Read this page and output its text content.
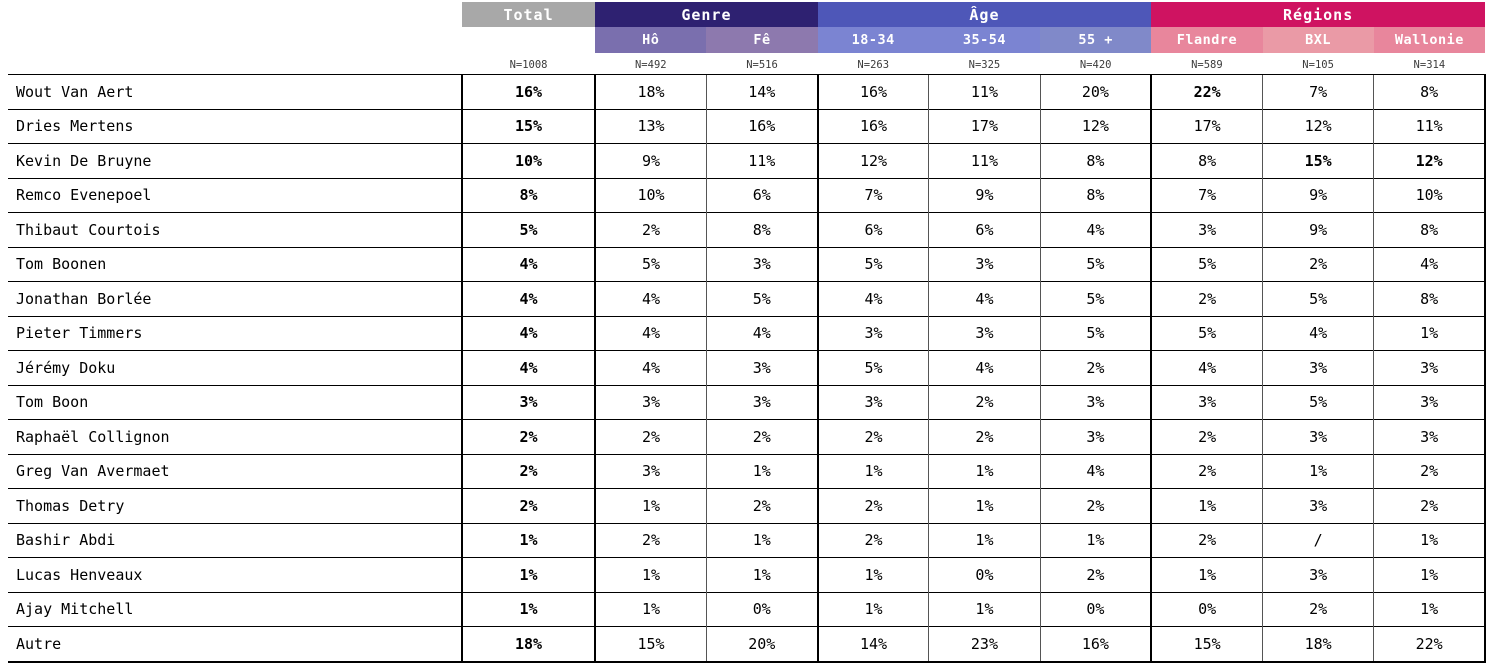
	Total	Genre		Âge			Régions		
		Hô	Fê	18-34	35-54	55 +	Flandre	BXL	Wallonie
	N=1008	N=492	N=516	N=263	N=325	N=420	N=589	N=105	N=314
Wout Van Aert	16%	18%	14%	16%	11%	20%	22%	7%	8%
Dries Mertens	15%	13%	16%	16%	17%	12%	17%	12%	11%
Kevin De Bruyne	10%	9%	11%	12%	11%	8%	8%	15%	12%
Remco Evenepoel	8%	10%	6%	7%	9%	8%	7%	9%	10%
Thibaut Courtois	5%	2%	8%	6%	6%	4%	3%	9%	8%
Tom Boonen	4%	5%	3%	5%	3%	5%	5%	2%	4%
Jonathan Borlée	4%	4%	5%	4%	4%	5%	2%	5%	8%
Pieter Timmers	4%	4%	4%	3%	3%	5%	5%	4%	1%
Jérémy Doku	4%	4%	3%	5%	4%	2%	4%	3%	3%
Tom Boon	3%	3%	3%	3%	2%	3%	3%	5%	3%
Raphaël Collignon	2%	2%	2%	2%	2%	3%	2%	3%	3%
Greg Van Avermaet	2%	3%	1%	1%	1%	4%	2%	1%	2%
Thomas Detry	2%	1%	2%	2%	1%	2%	1%	3%	2%
Bashir Abdi	1%	2%	1%	2%	1%	1%	2%	/	1%
Lucas Henveaux	1%	1%	1%	1%	0%	2%	1%	3%	1%
Ajay Mitchell	1%	1%	0%	1%	1%	0%	0%	2%	1%
Autre	18%	15%	20%	14%	23%	16%	15%	18%	22%
